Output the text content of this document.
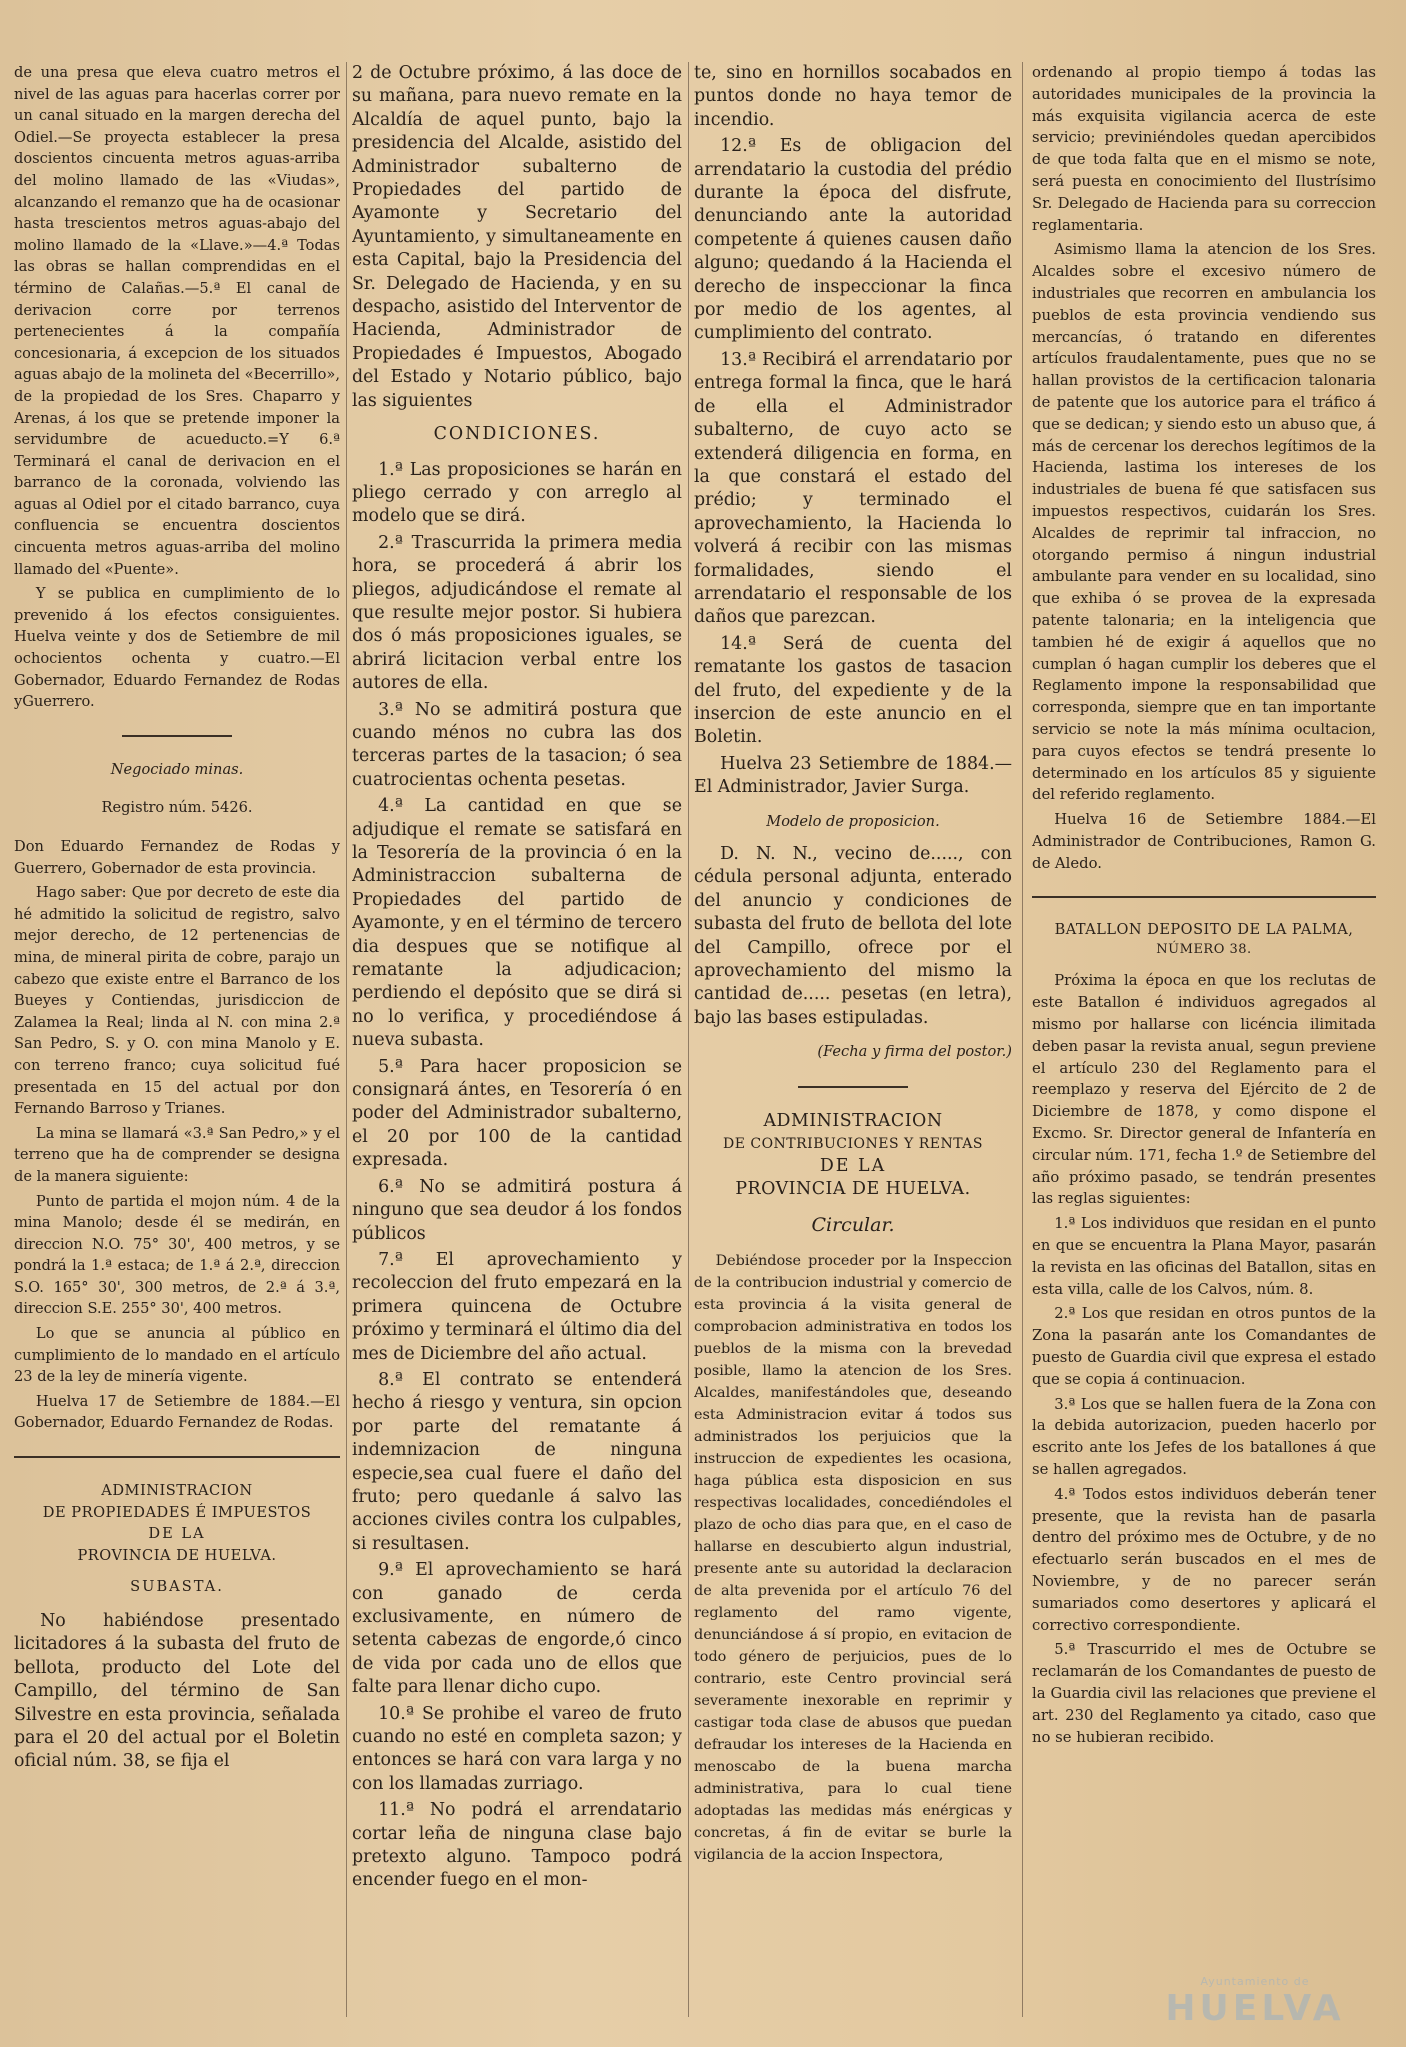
de una presa que eleva cuatro metros el nivel de las aguas para hacerlas correr por un canal situado en la margen derecha del Odiel.—Se proyecta establecer la presa doscientos cincuenta metros aguas-arriba del molino llamado de las «Viudas», alcanzando el remanzo que ha de ocasionar hasta trescientos metros aguas-abajo del molino llamado de la «Llave.»—4.ª Todas las obras se hallan comprendidas en el término de Calañas.—5.ª El canal de derivacion corre por terrenos pertenecientes á la compañía concesionaria, á excepcion de los situados aguas abajo de la molineta del «Becerrillo», de la propiedad de los Sres. Chaparro y Arenas, á los que se pretende imponer la servidumbre de acueducto.=Y 6.ª Terminará el canal de derivacion en el barranco de la coronada, volviendo las aguas al Odiel por el citado barranco, cuya confluencia se encuentra doscientos cincuenta metros aguas-arriba del molino llamado del «Puente».

Y se publica en cumplimiento de lo prevenido á los efectos consiguientes. Huelva veinte y dos de Setiembre de mil ochocientos ochenta y cuatro.—El Gobernador, Eduardo Fernandez de Rodas yGuerrero.

Negociado minas.

Registro núm. 5426.

Don Eduardo Fernandez de Rodas y Guerrero, Gobernador de esta provincia.

Hago saber: Que por decreto de este dia hé admitido la solicitud de registro, salvo mejor derecho, de 12 pertenencias de mina, de mineral pirita de cobre, parajo un cabezo que existe entre el Barranco de los Bueyes y Contiendas, jurisdiccion de Zalamea la Real; linda al N. con mina 2.ª San Pedro, S. y O. con mina Manolo y E. con terreno franco; cuya solicitud fué presentada en 15 del actual por don Fernando Barroso y Trianes.

La mina se llamará «3.ª San Pedro,» y el terreno que ha de comprender se designa de la manera siguiente:

Punto de partida el mojon núm. 4 de la mina Manolo; desde él se medirán, en direccion N.O. 75° 30', 400 metros, y se pondrá la 1.ª estaca; de 1.ª á 2.ª, direccion S.O. 165° 30', 300 metros, de 2.ª á 3.ª, direccion S.E. 255° 30', 400 metros.

Lo que se anuncia al público en cumplimiento de lo mandado en el artículo 23 de la ley de minería vigente.

Huelva 17 de Setiembre de 1884.—El Gobernador, Eduardo Fernandez de Rodas.

ADMINISTRACION

DE PROPIEDADES É IMPUESTOS

DE LA

PROVINCIA DE HUELVA.

SUBASTA.

No habiéndose presentado licitadores á la subasta del fruto de bellota, producto del Lote del Campillo, del término de San Silvestre en esta provincia, señalada para el 20 del actual por el Boletin oficial núm. 38, se fija el

2 de Octubre próximo, á las doce de su mañana, para nuevo remate en la Alcaldía de aquel punto, bajo la presidencia del Alcalde, asistido del Administrador subalterno de Propiedades del partido de Ayamonte y Secretario del Ayuntamiento, y simultaneamente en esta Capital, bajo la Presidencia del Sr. Delegado de Hacienda, y en su despacho, asistido del Interventor de Hacienda, Administrador de Propiedades é Impuestos, Abogado del Estado y Notario público, bajo las siguientes

CONDICIONES.

1.ª Las proposiciones se harán en pliego cerrado y con arreglo al modelo que se dirá.

2.ª Trascurrida la primera media hora, se procederá á abrir los pliegos, adjudicándose el remate al que resulte mejor postor. Si hubiera dos ó más proposiciones iguales, se abrirá licitacion verbal entre los autores de ella.

3.ª No se admitirá postura que cuando ménos no cubra las dos terceras partes de la tasacion; ó sea cuatrocientas ochenta pesetas.

4.ª La cantidad en que se adjudique el remate se satisfará en la Tesorería de la provincia ó en la Administraccion subalterna de Propiedades del partido de Ayamonte, y en el término de tercero dia despues que se notifique al rematante la adjudicacion; perdiendo el depósito que se dirá si no lo verifica, y procediéndose á nueva subasta.

5.ª Para hacer proposicion se consignará ántes, en Tesorería ó en poder del Administrador subalterno, el 20 por 100 de la cantidad expresada.

6.ª No se admitirá postura á ninguno que sea deudor á los fondos públicos

7.ª El aprovechamiento y recoleccion del fruto empezará en la primera quincena de Octubre próximo y terminará el último dia del mes de Diciembre del año actual.

8.ª El contrato se entenderá hecho á riesgo y ventura, sin opcion por parte del rematante á indemnizacion de ninguna especie,sea cual fuere el daño del fruto; pero quedanle á salvo las acciones civiles contra los culpables, si resultasen.

9.ª El aprovechamiento se hará con ganado de cerda exclusivamente, en número de setenta cabezas de engorde,ó cinco de vida por cada uno de ellos que falte para llenar dicho cupo.

10.ª Se prohibe el vareo de fruto cuando no esté en completa sazon; y entonces se hará con vara larga y no con los llamadas zurriago.

11.ª No podrá el arrendatario cortar leña de ninguna clase bajo pretexto alguno. Tampoco podrá encender fuego en el mon-

te, sino en hornillos socabados en puntos donde no haya temor de incendio.

12.ª Es de obligacion del arrendatario la custodia del prédio durante la época del disfrute, denunciando ante la autoridad competente á quienes causen daño alguno; quedando á la Hacienda el derecho de inspeccionar la finca por medio de los agentes, al cumplimiento del contrato.

13.ª Recibirá el arrendatario por entrega formal la finca, que le hará de ella el Administrador subalterno, de cuyo acto se extenderá diligencia en forma, en la que constará el estado del prédio; y terminado el aprovechamiento, la Hacienda lo volverá á recibir con las mismas formalidades, siendo el arrendatario el responsable de los daños que parezcan.

14.ª Será de cuenta del rematante los gastos de tasacion del fruto, del expediente y de la insercion de este anuncio en el Boletin.

Huelva 23 Setiembre de 1884.—El Administrador, Javier Surga.

Modelo de proposicion.

D. N. N., vecino de....., con cédula personal adjunta, enterado del anuncio y condiciones de subasta del fruto de bellota del lote del Campillo, ofrece por el aprovechamiento del mismo la cantidad de..... pesetas (en letra), bajo las bases estipuladas.

(Fecha y firma del postor.)

ADMINISTRACION

DE CONTRIBUCIONES Y RENTAS

DE LA

PROVINCIA DE HUELVA.

Circular.

Debiéndose proceder por la Inspeccion de la contribucion industrial y comercio de esta provincia á la visita general de comprobacion administrativa en todos los pueblos de la misma con la brevedad posible, llamo la atencion de los Sres. Alcaldes, manifestándoles que, deseando esta Administracion evitar á todos sus administrados los perjuicios que la instruccion de expedientes les ocasiona, haga pública esta disposicion en sus respectivas localidades, concediéndoles el plazo de ocho dias para que, en el caso de hallarse en descubierto algun industrial, presente ante su autoridad la declaracion de alta prevenida por el artículo 76 del reglamento del ramo vigente, denunciándose á sí propio, en evitacion de todo género de perjuicios, pues de lo contrario, este Centro provincial será severamente inexorable en reprimir y castigar toda clase de abusos que puedan defraudar los intereses de la Hacienda en menoscabo de la buena marcha administrativa, para lo cual tiene adoptadas las medidas más enérgicas y concretas, á fin de evitar se burle la vigilancia de la accion Inspectora,

ordenando al propio tiempo á todas las autoridades municipales de la provincia la más exquisita vigilancia acerca de este servicio; previniéndoles quedan apercibidos de que toda falta que en el mismo se note, será puesta en conocimiento del Ilustrísimo Sr. Delegado de Hacienda para su correccion reglamentaria.

Asimismo llama la atencion de los Sres. Alcaldes sobre el excesivo número de industriales que recorren en ambulancia los pueblos de esta provincia vendiendo sus mercancías, ó tratando en diferentes artículos fraudalentamente, pues que no se hallan provistos de la certificacion talonaria de patente que los autorice para el tráfico á que se dedican; y siendo esto un abuso que, á más de cercenar los derechos legítimos de la Hacienda, lastima los intereses de los industriales de buena fé que satisfacen sus impuestos respectivos, cuidarán los Sres. Alcaldes de reprimir tal infraccion, no otorgando permiso á ningun industrial ambulante para vender en su localidad, sino que exhiba ó se provea de la expresada patente talonaria; en la inteligencia que tambien hé de exigir á aquellos que no cumplan ó hagan cumplir los deberes que el Reglamento impone la responsabilidad que corresponda, siempre que en tan importante servicio se note la más mínima ocultacion, para cuyos efectos se tendrá presente lo determinado en los artículos 85 y siguiente del referido reglamento.

Huelva 16 de Setiembre 1884.—El Administrador de Contribuciones, Ramon G. de Aledo.

BATALLON DEPOSITO DE LA PALMA,

NÚMERO 38.

Próxima la época en que los reclutas de este Batallon é individuos agregados al mismo por hallarse con licéncia ilimitada deben pasar la revista anual, segun previene el artículo 230 del Reglamento para el reemplazo y reserva del Ejército de 2 de Diciembre de 1878, y como dispone el Excmo. Sr. Director general de Infantería en circular núm. 171, fecha 1.º de Setiembre del año próximo pasado, se tendrán presentes las reglas siguientes:

1.ª Los individuos que residan en el punto en que se encuentra la Plana Mayor, pasarán la revista en las oficinas del Batallon, sitas en esta villa, calle de los Calvos, núm. 8.

2.ª Los que residan en otros puntos de la Zona la pasarán ante los Comandantes de puesto de Guardia civil que expresa el estado que se copia á continuacion.

3.ª Los que se hallen fuera de la Zona con la debida autorizacion, pueden hacerlo por escrito ante los Jefes de los batallones á que se hallen agregados.

4.ª Todos estos individuos deberán tener presente, que la revista han de pasarla dentro del próximo mes de Octubre, y de no efectuarlo serán buscados en el mes de Noviembre, y de no parecer serán sumariados como desertores y aplicará el correctivo correspondiente.

5.ª Trascurrido el mes de Octubre se reclamarán de los Comandantes de puesto de la Guardia civil las relaciones que previene el art. 230 del Reglamento ya citado, caso que no se hubieran recibido.

Ayuntamiento de
HUELVA
